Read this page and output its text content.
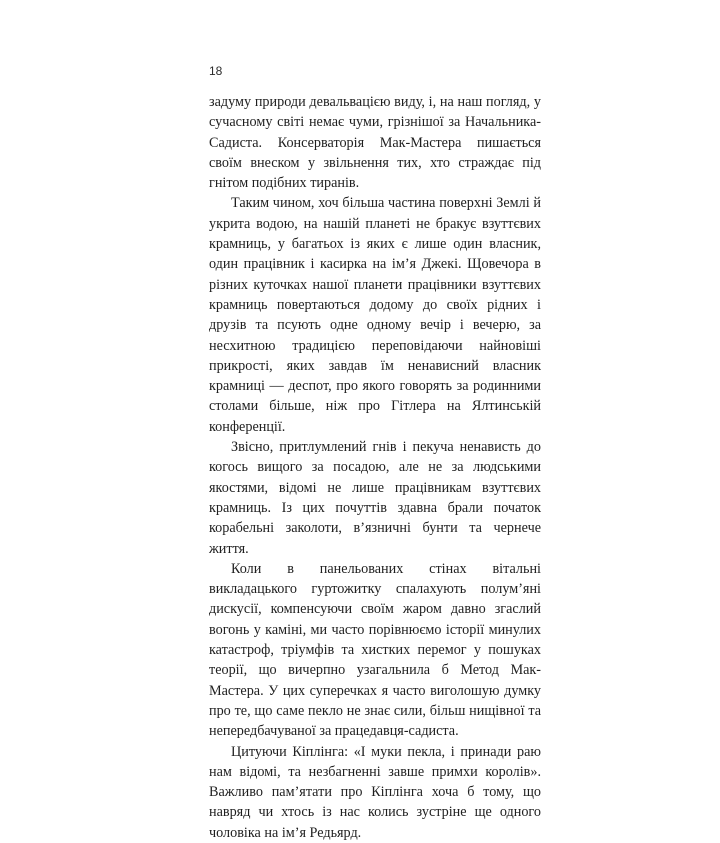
18

задуму природи девальвацією виду, і, на наш погляд, у сучасному світі немає чуми, грізнішої за Начальника-Садиста. Консерваторія Мак-Мастера пишається своїм внеском у звільнення тих, хто страждає під гнітом подібних тиранів.

Таким чином, хоч більша частина поверхні Землі й укрита водою, на нашій планеті не бракує взуттєвих крамниць, у багатьох із яких є лише один власник, один працівник і касирка на ім’я Джекі. Щовечора в різних куточках нашої планети працівники взуттєвих крамниць повертаються додому до своїх рідних і друзів та псують одне одному вечір і вечерю, за несхитною традицією переповідаючи найновіші прикрості, яких завдав їм ненависний власник крамниці — деспот, про якого говорять за родинними столами більше, ніж про Гітлера на Ялтинській конференції.

Звісно, притлумлений гнів і пекуча ненависть до когось вищого за посадою, але не за людськими якостями, відомі не лише працівникам взуттєвих крамниць. Із цих почуттів здавна брали початок корабельні заколоти, в’язничні бунти та чернече життя.

Коли в панельованих стінах вітальні викладацького гуртожитку спалахують полум’яні дискусії, компенсуючи своїм жаром давно згаслий вогонь у каміні, ми часто порівнюємо історії минулих катастроф, тріумфів та хистких перемог у пошуках теорії, що вичерпно узагальнила б Метод Мак-Мастера. У цих суперечках я часто виголошую думку про те, що саме пекло не знає сили, більш нищівної та непередбачуваної за працедавця-садиста.

Цитуючи Кіплінга: «І муки пекла, і принади раю нам відомі, та незбагненні завше примхи королів». Важливо пам’ятати про Кіплінга хоча б тому, що навряд чи хтось із нас колись зустріне ще одного чоловіка на ім’я Редьярд.
